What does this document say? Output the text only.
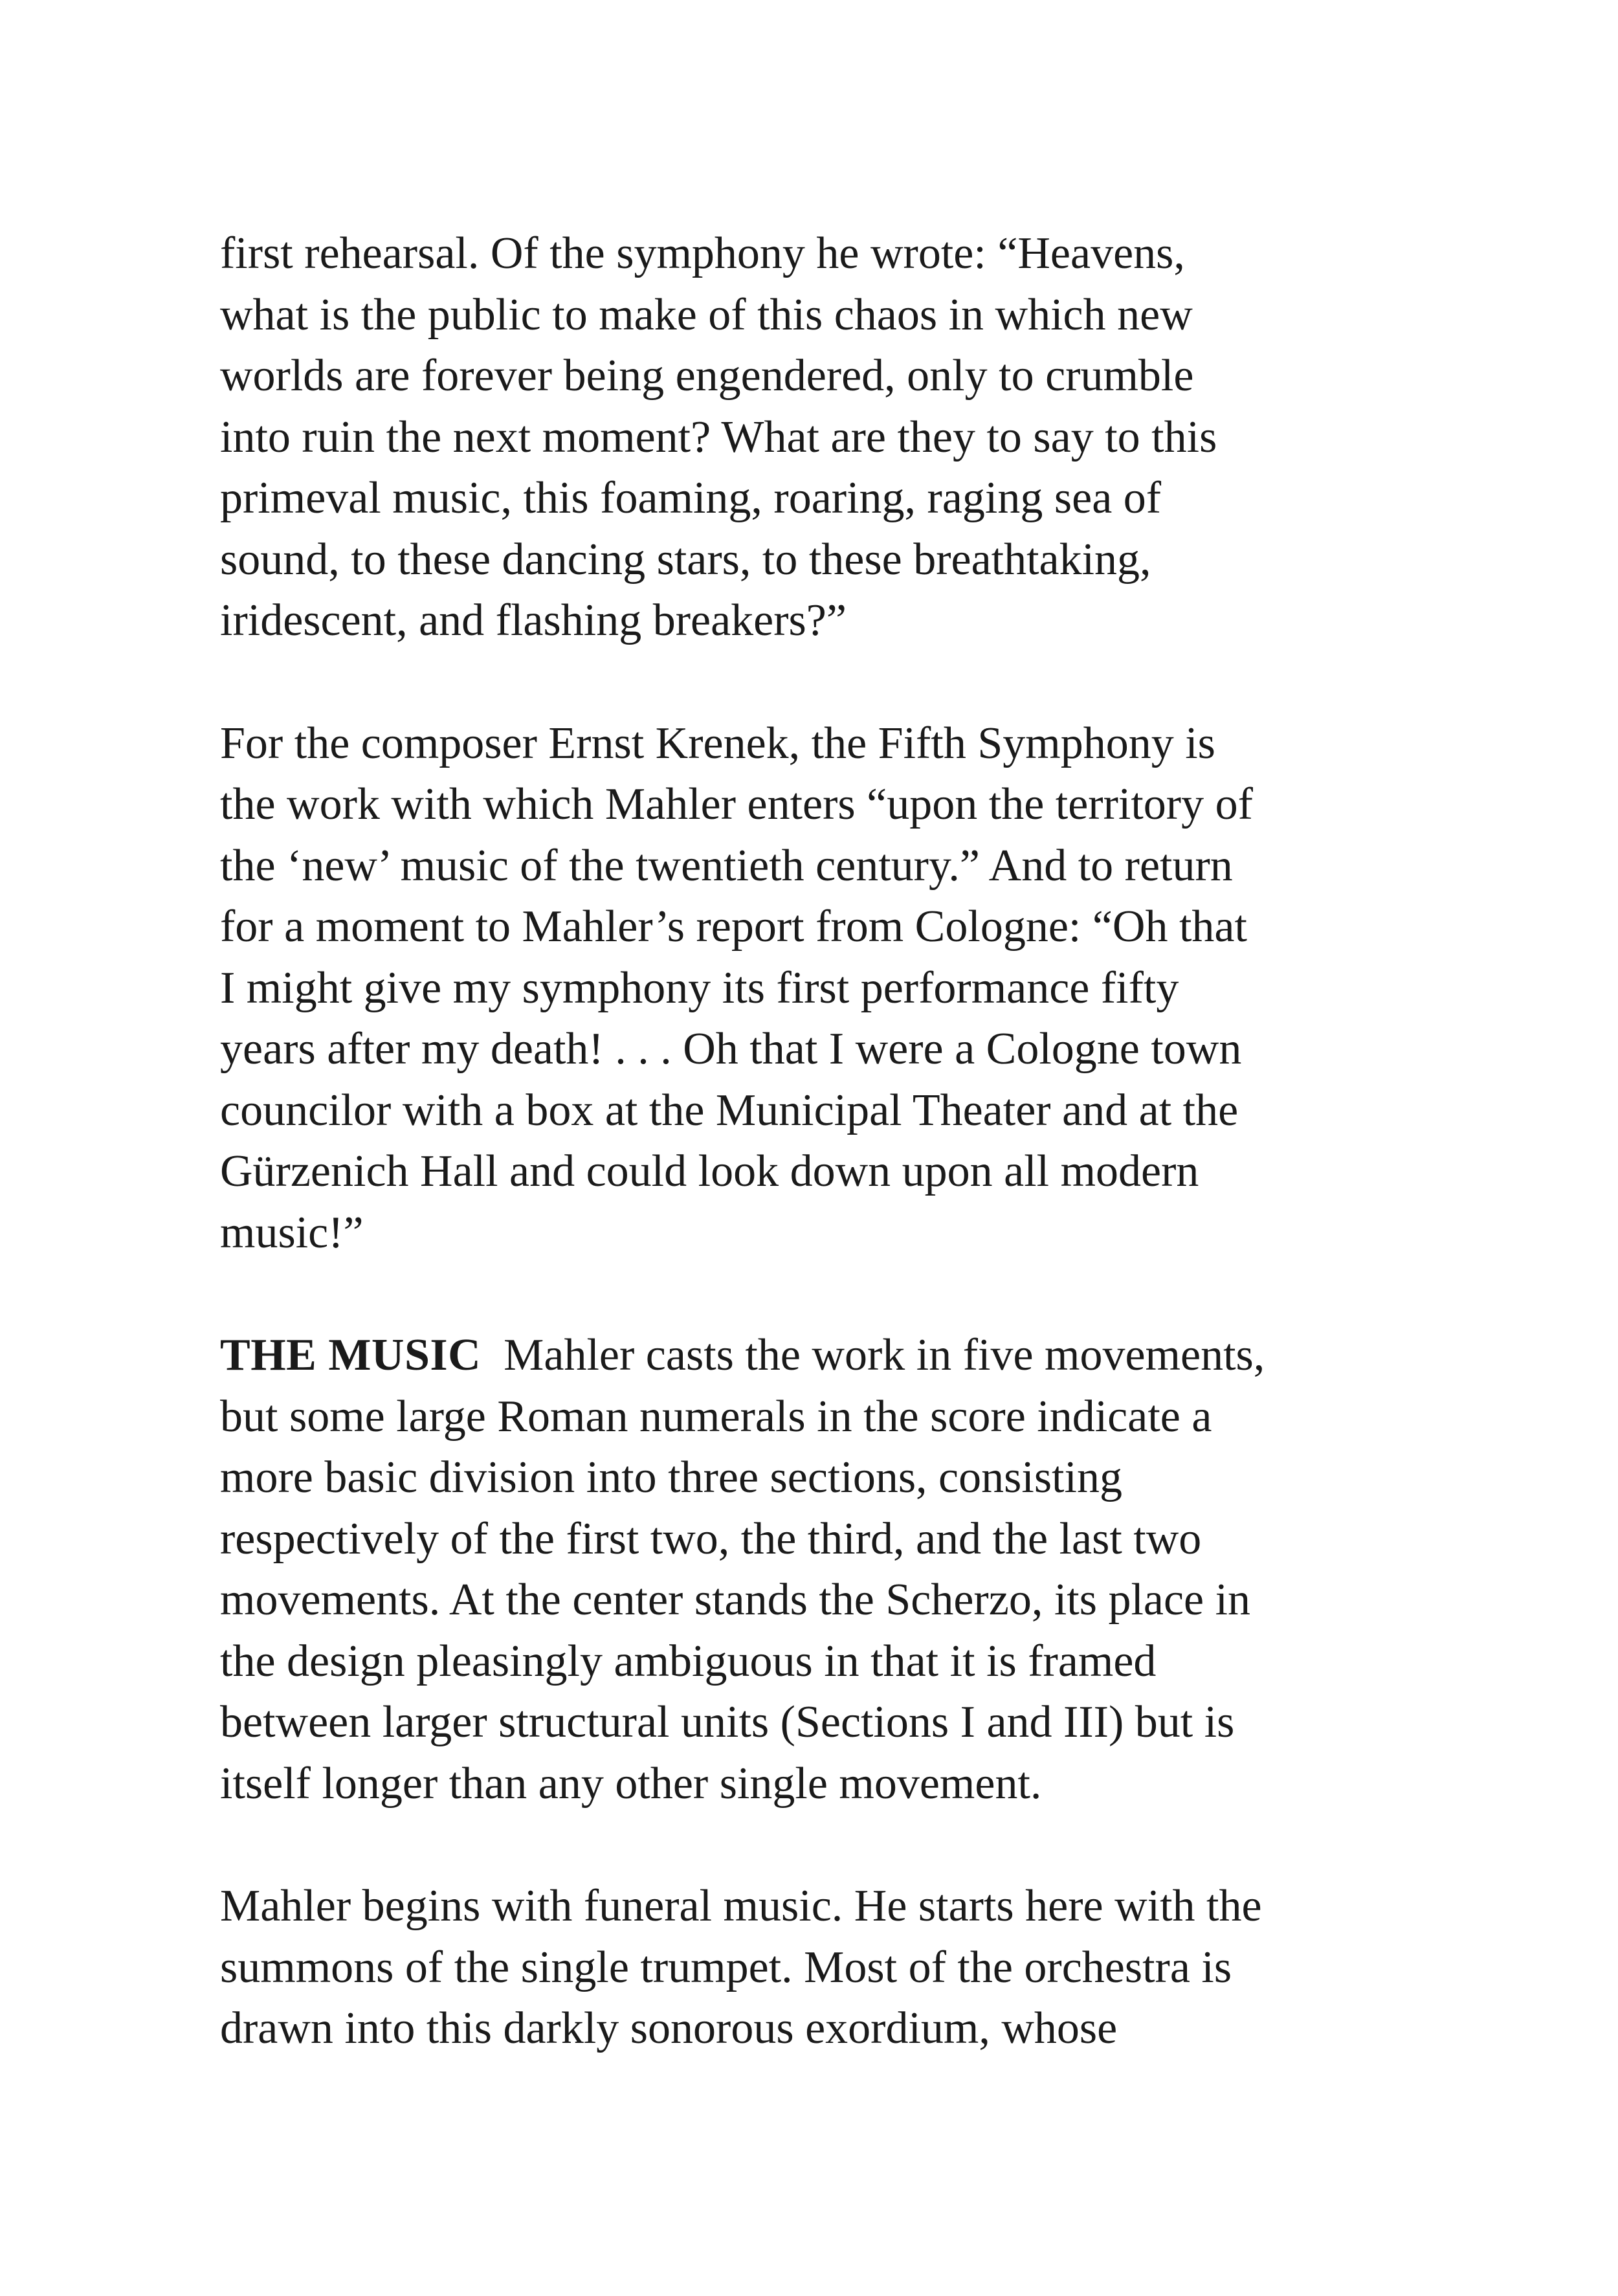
first rehearsal. Of the symphony he wrote: “Heavens,
what is the public to make of this chaos in which new
worlds are forever being engendered, only to crumble
into ruin the next moment? What are they to say to this
primeval music, this foaming, roaring, raging sea of
sound, to these dancing stars, to these breathtaking,
iridescent, and flashing breakers?”

For the composer Ernst Krenek, the Fifth Symphony is
the work with which Mahler enters “upon the territory of
the ‘new’ music of the twentieth century.” And to return
for a moment to Mahler’s report from Cologne: “Oh that
I might give my symphony its first performance fifty
years after my death! . . . Oh that I were a Cologne town
councilor with a box at the Municipal Theater and at the
Gürzenich Hall and could look down upon all modern
music!”

THE MUSIC Mahler casts the work in five movements,
but some large Roman numerals in the score indicate a
more basic division into three sections, consisting
respectively of the first two, the third, and the last two
movements. At the center stands the Scherzo, its place in
the design pleasingly ambiguous in that it is framed
between larger structural units (Sections I and III) but is
itself longer than any other single movement.

Mahler begins with funeral music. He starts here with the
summons of the single trumpet. Most of the orchestra is
drawn into this darkly sonorous exordium, whose
